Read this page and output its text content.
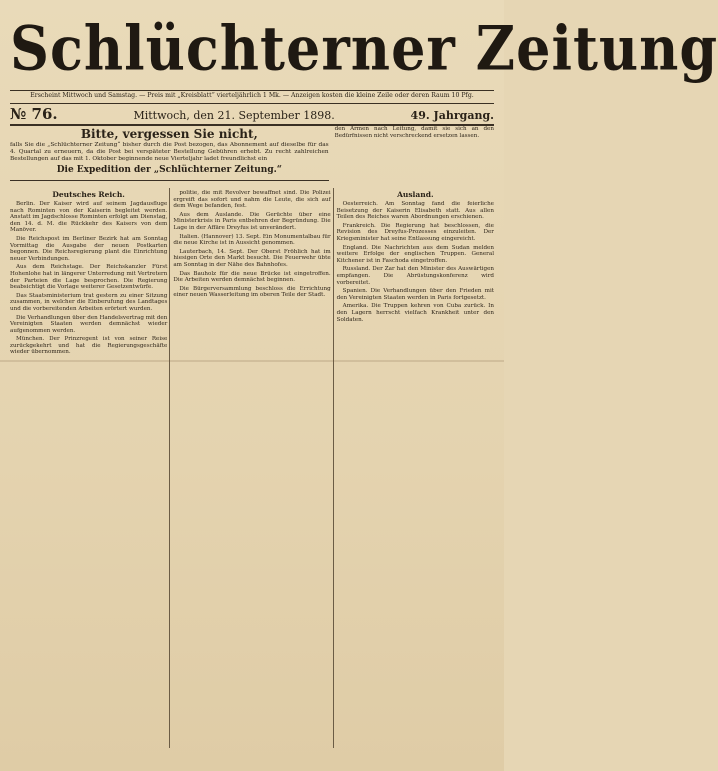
Schlüchterner Zeitung
Erscheint Mittwoch und Samstag. — Preis mit „Kreisblatt“ vierteljährlich 1 Mk. — Anzeigen kosten die kleine Zeile oder deren Raum 10 Pfg.
№ 76.	Mittwoch, den 21. September 1898.	49. Jahrgang.
Bitte, vergessen Sie nicht,
falls Sie die „Schlüchterner Zeitung“ bisher durch die Post bezogen, das Abonnement auf dieselbe für das 4. Quartal zu erneuern, da die Post bei verspäteter Bestellung Gebühren erhebt. Zu recht zahlreichen Bestellungen auf das mit 1. Oktober beginnende neue Vierteljahr ladet freundlichst ein
Die Expedition der „Schlüchterner Zeitung.“
den Armen nach Leitung, damit sie sich an den Bedürfnissen nicht verschreckend ersetzen lassen.
Deutsches Reich.

Berlin. Der Kaiser wird auf seinem Jagdausfluge nach Rominten von der Kaiserin begleitet werden. Anstatt im Jagdschlosse Rominten erfolgt am Dienstag, den 14. d. M. die Rückkehr des Kaisers von dem Manöver.

Die Reichspost im Berliner Bezirk hat am Sonntag Vormittag die Ausgabe der neuen Postkarten begonnen. Die Reichsregierung plant die Einrichtung neuer Verbindungen.

Aus dem Reichstage. Der Reichskanzler Fürst Hohenlohe hat in längerer Unterredung mit Vertretern der Parteien die Lage besprochen. Die Regierung beabsichtigt die Vorlage weiterer Gesetzentwürfe.

Das Staatsministerium trat gestern zu einer Sitzung zusammen, in welcher die Einberufung des Landtages und die vorbereitenden Arbeiten erörtert wurden.

Die Verhandlungen über den Handelsvertrag mit den Vereinigten Staaten werden demnächst wieder aufgenommen werden.

München. Der Prinzregent ist von seiner Reise zurückgekehrt und hat die Regierungsgeschäfte wieder übernommen.

politie, die mit Revolver bewaffnet sind. Die Polizei ergreift das sofort und nahm die Leute, die sich auf dem Wege befanden, fest.

Aus dem Auslande. Die Gerüchte über eine Ministerkrisis in Paris entbehren der Begründung. Die Lage in der Affäre Dreyfus ist unverändert.

Italien. (Hannover) 13. Sept. Ein Monumentalbau für die neue Kirche ist in Aussicht genommen.

Lauterbach, 14. Sept. Der Oberst Fröhlich hat im hiesigen Orte den Markt besucht. Die Feuerwehr übte am Sonntag in der Nähe des Bahnhofes.

Das Bauholz für die neue Brücke ist eingetroffen. Die Arbeiten werden demnächst beginnen.

Die Bürgerversammlung beschloss die Errichtung einer neuen Wasserleitung im oberen Teile der Stadt.

Ausland.

Oesterreich. Am Sonntag fand die feierliche Beisetzung der Kaiserin Elisabeth statt. Aus allen Teilen des Reiches waren Abordnungen erschienen.

Frankreich. Die Regierung hat beschlossen, die Revision des Dreyfus-Prozesses einzuleiten. Der Kriegsminister hat seine Entlassung eingereicht.

England. Die Nachrichten aus dem Sudan melden weitere Erfolge der englischen Truppen. General Kitchener ist in Faschoda eingetroffen.

Russland. Der Zar hat den Minister des Auswärtigen empfangen. Die Abrüstungskonferenz wird vorbereitet.

Spanien. Die Verhandlungen über den Frieden mit den Vereinigten Staaten werden in Paris fortgesetzt.

Amerika. Die Truppen kehren von Cuba zurück. In den Lagern herrscht vielfach Krankheit unter den Soldaten.
